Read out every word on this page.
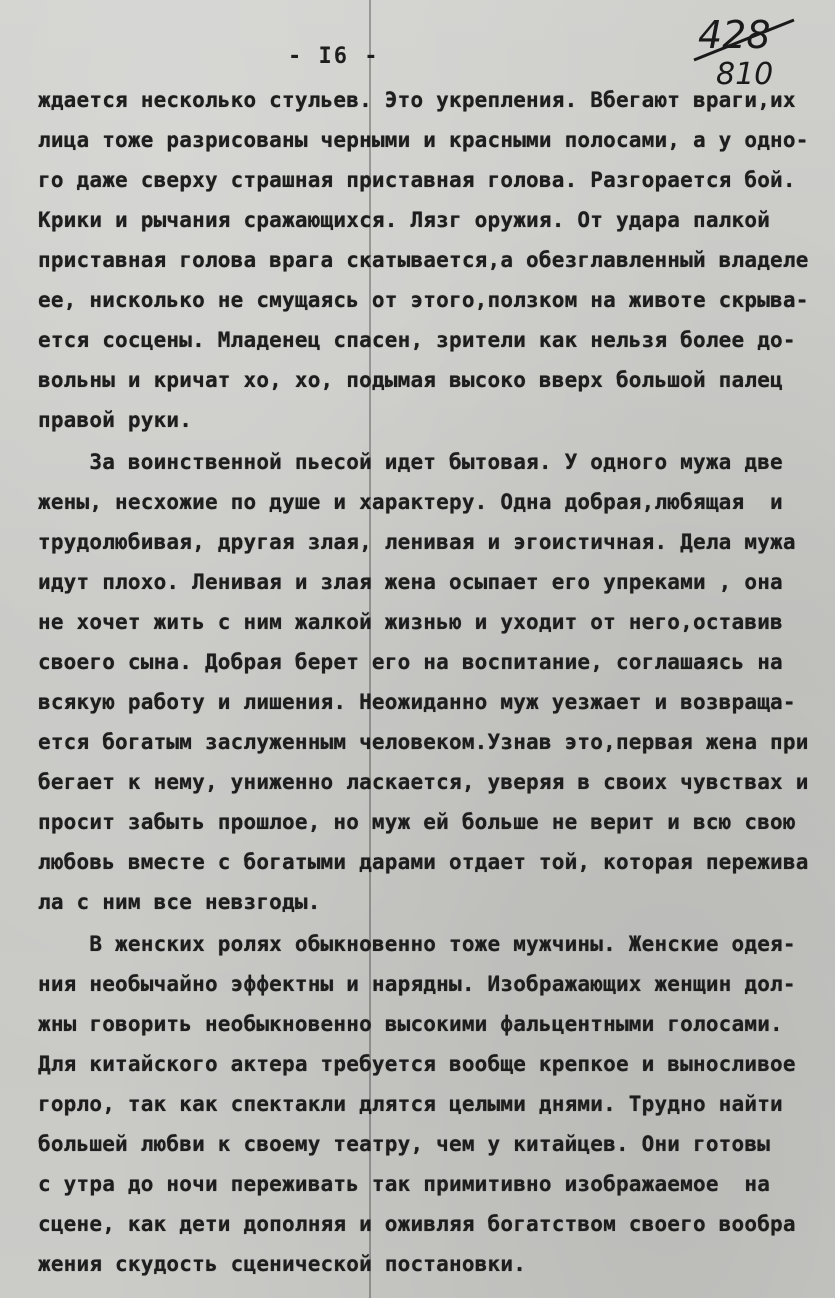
- I6 -	428
810

ждается несколько стульев. Это укрепления. Вбегают враги,их

лица тоже разрисованы черными и красными полосами, а у одно-

го даже сверху страшная приставная голова. Разгорается бой.

Крики и рычания сражающихся. Лязг оружия. От удара палкой

приставная голова врага скатывается,а обезглавленный владеле

ее, нисколько не смущаясь от этого,ползком на животе скрыва-

ется сосцены. Младенец спасен, зрители как нельзя более до-

вольны и кричат хо, хо, подымая высоко вверх большой палец

правой руки.

За воинственной пьесой идет бытовая. У одного мужа две

жены, несхожие по душе и характеру. Одна добрая,любящая  и

трудолюбивая, другая злая, ленивая и эгоистичная. Дела мужа

идут плохо. Ленивая и злая жена осыпает его упреками , она

не хочет жить с ним жалкой жизнью и уходит от него,оставив

своего сына. Добрая берет его на воспитание, соглашаясь на

всякую работу и лишения. Неожиданно муж уезжает и возвраща-

ется богатым заслуженным человеком.Узнав это,первая жена при

бегает к нему, униженно ласкается, уверяя в своих чувствах и

просит забыть прошлое, но муж ей больше не верит и всю свою

любовь вместе с богатыми дарами отдает той, которая пережива

ла с ним все невзгоды.

В женских ролях обыкновенно тоже мужчины. Женские одея-

ния необычайно эффектны и нарядны. Изображающих женщин дол-

жны говорить необыкновенно высокими фальцентными голосами.

Для китайского актера требуется вообще крепкое и выносливое

горло, так как спектакли длятся целыми днями. Трудно найти

большей любви к своему театру, чем у китайцев. Они готовы

с утра до ночи переживать так примитивно изображаемое  на

сцене, как дети дополняя и оживляя богатством своего вообра

жения скудость сценической постановки.
